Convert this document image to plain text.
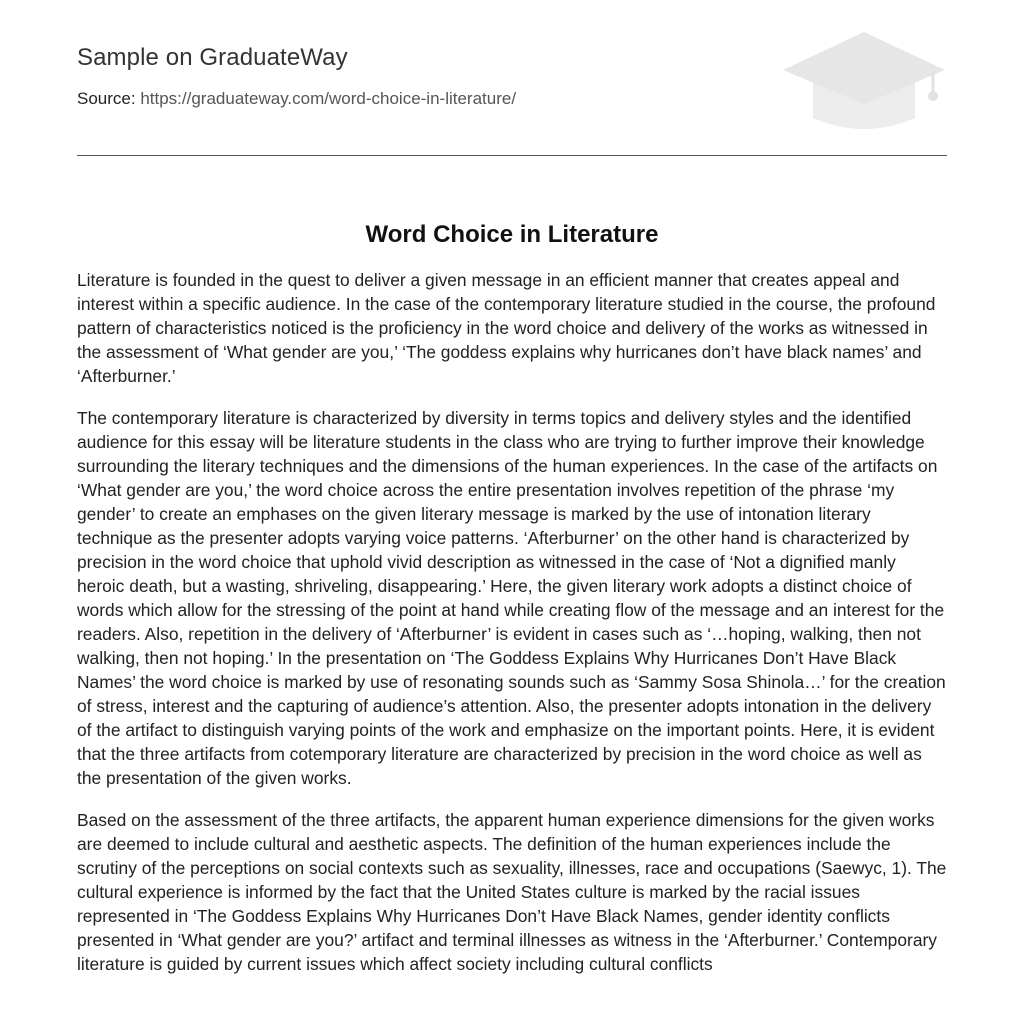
Sample on GraduateWay
Source: https://graduateway.com/word-choice-in-literature/
Word Choice in Literature

Literature is founded in the quest to deliver a given message in an efficient manner that creates appeal and interest within a specific audience. In the case of the contemporary literature studied in the course, the profound pattern of characteristics noticed is the proficiency in the word choice and delivery of the works as witnessed in the assessment of ‘What gender are you,’ ‘The goddess explains why hurricanes don’t have black names’ and ‘Afterburner.’

The contemporary literature is characterized by diversity in terms topics and delivery styles and the identified audience for this essay will be literature students in the class who are trying to further improve their knowledge surrounding the literary techniques and the dimensions of the human experiences. In the case of the artifacts on ‘What gender are you,’ the word choice across the entire presentation involves repetition of the phrase ‘my gender’ to create an emphases on the given literary message is marked by the use of intonation literary technique as the presenter adopts varying voice patterns. ‘Afterburner’ on the other hand is characterized by precision in the word choice that uphold vivid description as witnessed in the case of ‘Not a dignified manly heroic death, but a wasting, shriveling, disappearing.’ Here, the given literary work adopts a distinct choice of words which allow for the stressing of the point at hand while creating flow of the message and an interest for the readers. Also, repetition in the delivery of ‘Afterburner’ is evident in cases such as ‘…hoping, walking, then not walking, then not hoping.’ In the presentation on ‘The Goddess Explains Why Hurricanes Don’t Have Black Names’ the word choice is marked by use of resonating sounds such as ‘Sammy Sosa Shinola…’ for the creation of stress, interest and the capturing of audience’s attention. Also, the presenter adopts intonation in the delivery of the artifact to distinguish varying points of the work and emphasize on the important points. Here, it is evident that the three artifacts from cotemporary literature are characterized by precision in the word choice as well as the presentation of the given works.

Based on the assessment of the three artifacts, the apparent human experience dimensions for the given works are deemed to include cultural and aesthetic aspects. The definition of the human experiences include the scrutiny of the perceptions on social contexts such as sexuality, illnesses, race and occupations (Saewyc, 1). The cultural experience is informed by the fact that the United States culture is marked by the racial issues represented in ‘The Goddess Explains Why Hurricanes Don’t Have Black Names, gender identity conflicts presented in ‘What gender are you?’ artifact and terminal illnesses as witness in the ‘Afterburner.’ Contemporary literature is guided by current issues which affect society including cultural conflicts
